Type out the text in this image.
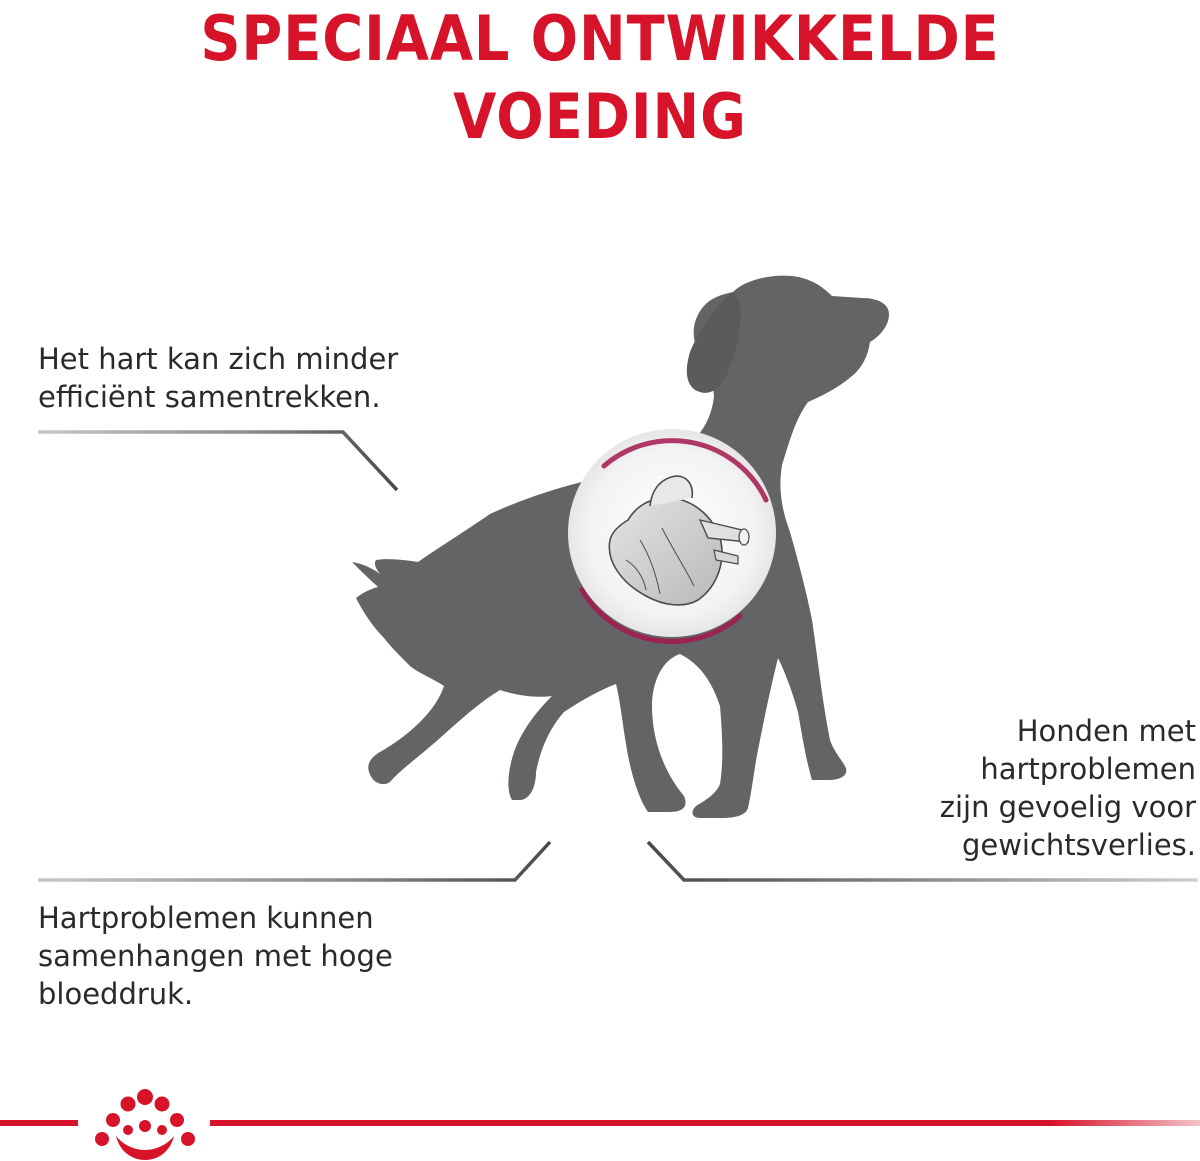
SPECIAAL ONTWIKKELDE
VOEDING
Het hart kan zich minder
efficiënt samentrekken.
Hartproblemen kunnen
samenhangen met hoge
bloeddruk.
Honden met
hartproblemen
zijn gevoelig voor
gewichtsverlies.
